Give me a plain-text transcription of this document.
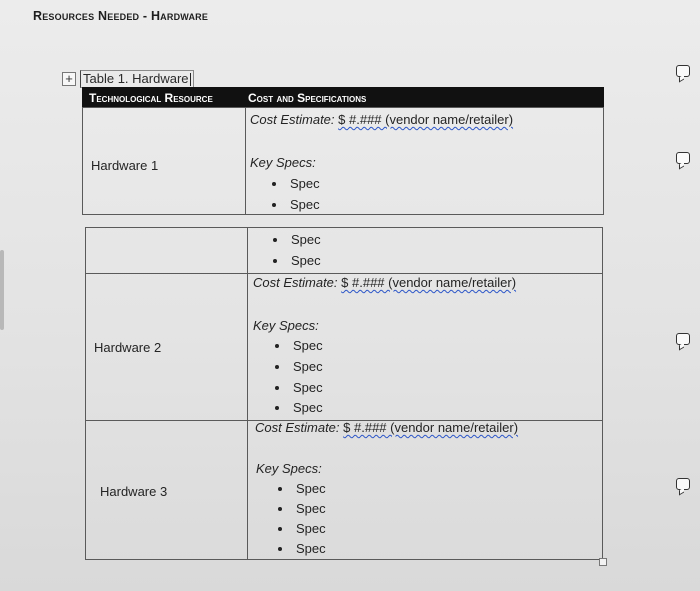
Resources Needed - Hardware
+ Table 1. Hardware
Technological Resource	Cost and Specifications
Hardware 1
Cost Estimate: $ #.### (vendor name/retailer)
Key Specs:
Spec
Spec
Spec
Spec
Hardware 2
Cost Estimate: $ #.### (vendor name/retailer)
Key Specs:
Spec
Spec
Spec
Spec
Hardware 3
Cost Estimate: $ #.### (vendor name/retailer)
Key Specs:
Spec
Spec
Spec
Spec
